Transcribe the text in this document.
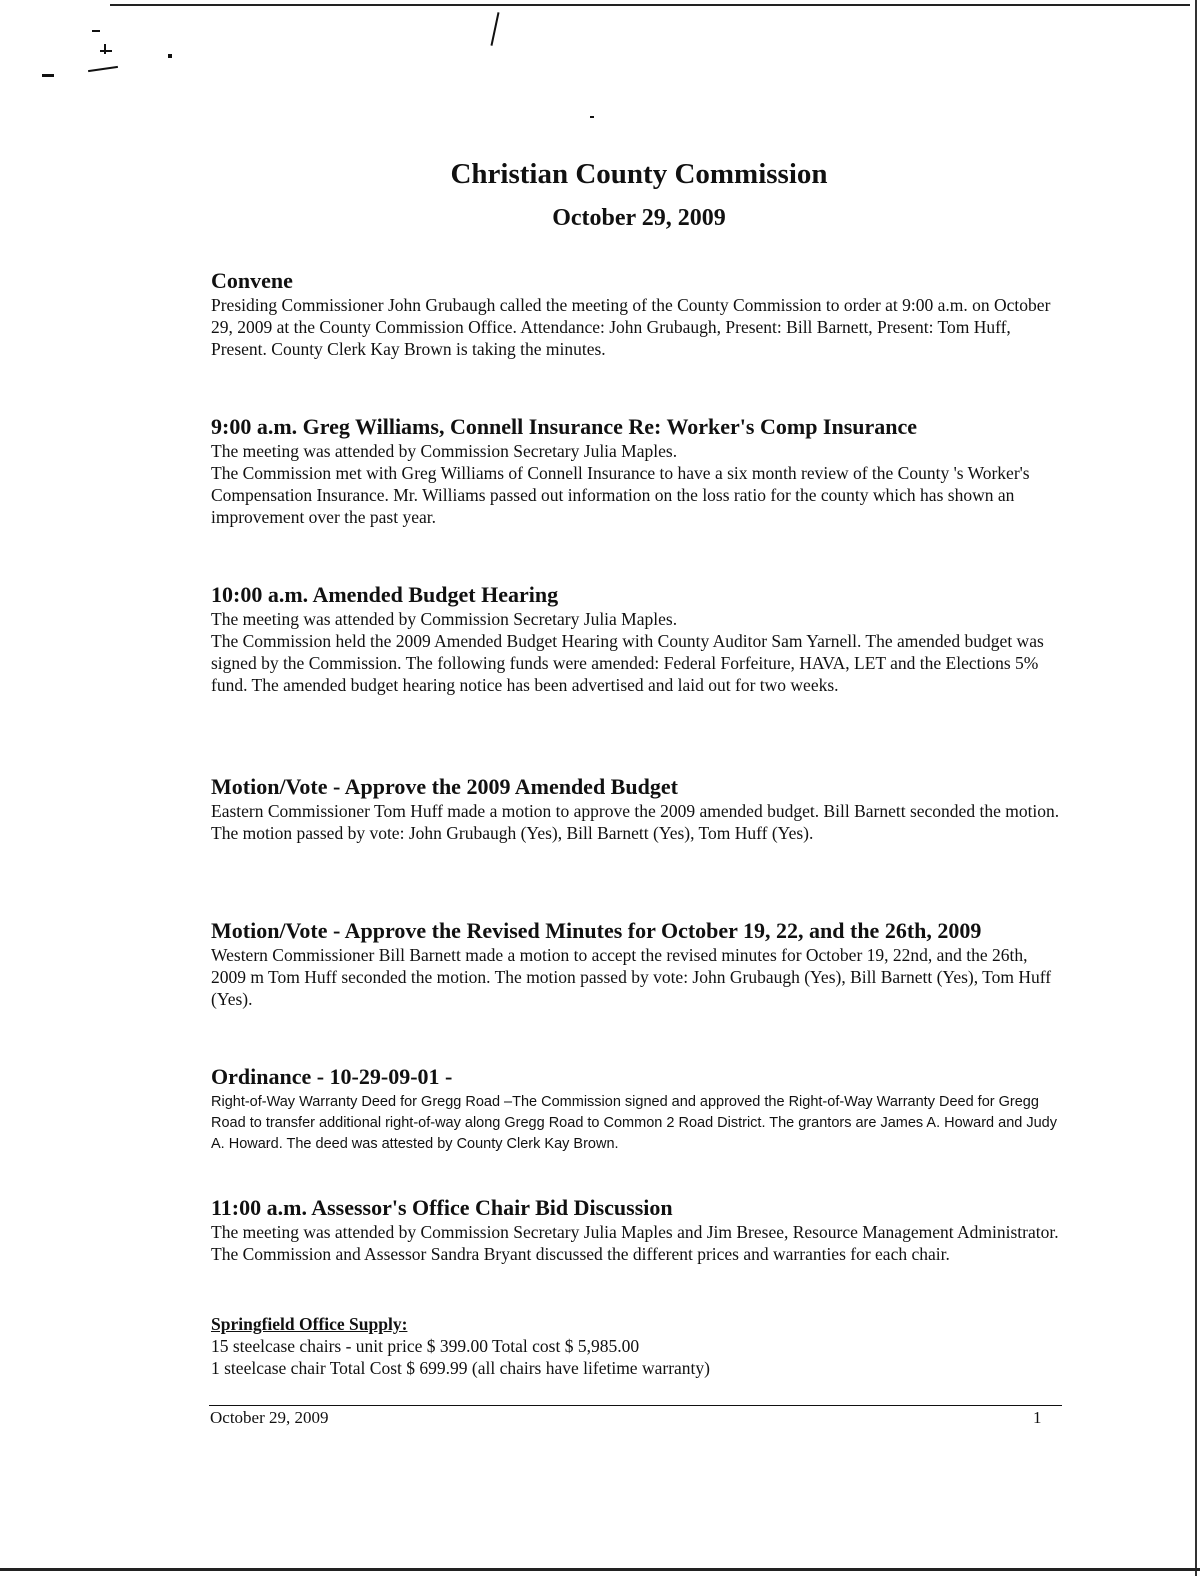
Christian County Commission
October 29, 2009
Convene

Presiding Commissioner John Grubaugh called the meeting of the County Commission to order at 9:00 a.m. on October 29, 2009 at the County Commission Office. Attendance: John Grubaugh, Present: Bill Barnett, Present: Tom Huff, Present. County Clerk Kay Brown is taking the minutes.

9:00 a.m. Greg Williams, Connell Insurance Re: Worker's Comp Insurance

The meeting was attended by Commission Secretary Julia Maples.

The Commission met with Greg Williams of Connell Insurance to have a six month review of the County 's Worker's Compensation Insurance. Mr. Williams passed out information on the loss ratio for the county which has shown an improvement over the past year.

10:00 a.m. Amended Budget Hearing

The meeting was attended by Commission Secretary Julia Maples.

The Commission held the 2009 Amended Budget Hearing with County Auditor Sam Yarnell. The amended budget was signed by the Commission. The following funds were amended: Federal Forfeiture, HAVA, LET and the Elections 5% fund. The amended budget hearing notice has been advertised and laid out for two weeks.

Motion/Vote - Approve the 2009 Amended Budget

Eastern Commissioner Tom Huff made a motion to approve the 2009 amended budget. Bill Barnett seconded the motion. The motion passed by vote: John Grubaugh (Yes), Bill Barnett (Yes), Tom Huff (Yes).

Motion/Vote - Approve the Revised Minutes for October 19, 22, and the 26th, 2009

Western Commissioner Bill Barnett made a motion to accept the revised minutes for October 19, 22nd, and the 26th, 2009 m Tom Huff seconded the motion. The motion passed by vote: John Grubaugh (Yes), Bill Barnett (Yes), Tom Huff (Yes).

Ordinance - 10-29-09-01 -

Right-of-Way Warranty Deed for Gregg Road –The Commission signed and approved the Right-of-Way Warranty Deed for Gregg Road to transfer additional right-of-way along Gregg Road to Common 2 Road District. The grantors are James A. Howard and Judy A. Howard. The deed was attested by County Clerk Kay Brown.

11:00 a.m. Assessor's Office Chair Bid Discussion

The meeting was attended by Commission Secretary Julia Maples and Jim Bresee, Resource Management Administrator.

The Commission and Assessor Sandra Bryant discussed the different prices and warranties for each chair.

Springfield Office Supply:

15 steelcase chairs - unit price $ 399.00 Total cost $ 5,985.00

1 steelcase chair Total Cost $ 699.99 (all chairs have lifetime warranty)

October 29, 2009	1
